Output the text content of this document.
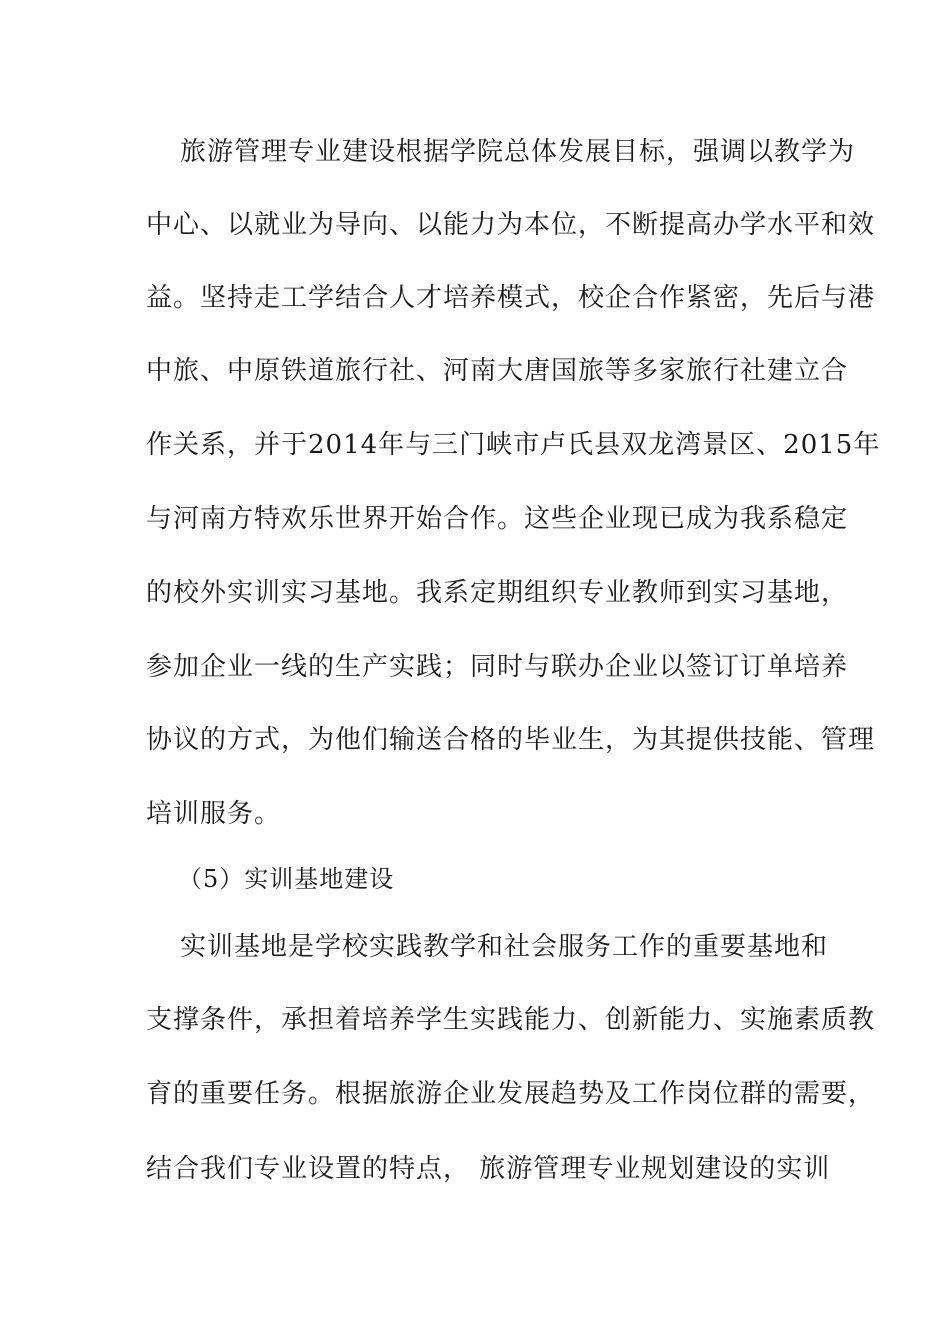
旅游管理专业建设根据学院总体发展目标，强调以教学为
中心、以就业为导向、以能力为本位，不断提高办学水平和效
益。坚持走工学结合人才培养模式，校企合作紧密，先后与港
中旅、中原铁道旅行社、河南大唐国旅等多家旅行社建立合
作关系，并于2014年与三门峡市卢氏县双龙湾景区、2015年
与河南方特欢乐世界开始合作。这些企业现已成为我系稳定
的校外实训实习基地。我系定期组织专业教师到实习基地，
参加企业一线的生产实践；同时与联办企业以签订订单培养
协议的方式，为他们输送合格的毕业生，为其提供技能、管理
培训服务。
（5）实训基地建设
实训基地是学校实践教学和社会服务工作的重要基地和
支撑条件，承担着培养学生实践能力、创新能力、实施素质教
育的重要任务。根据旅游企业发展趋势及工作岗位群的需要，
结合我们专业设置的特点， 旅游管理专业规划建设的实训
